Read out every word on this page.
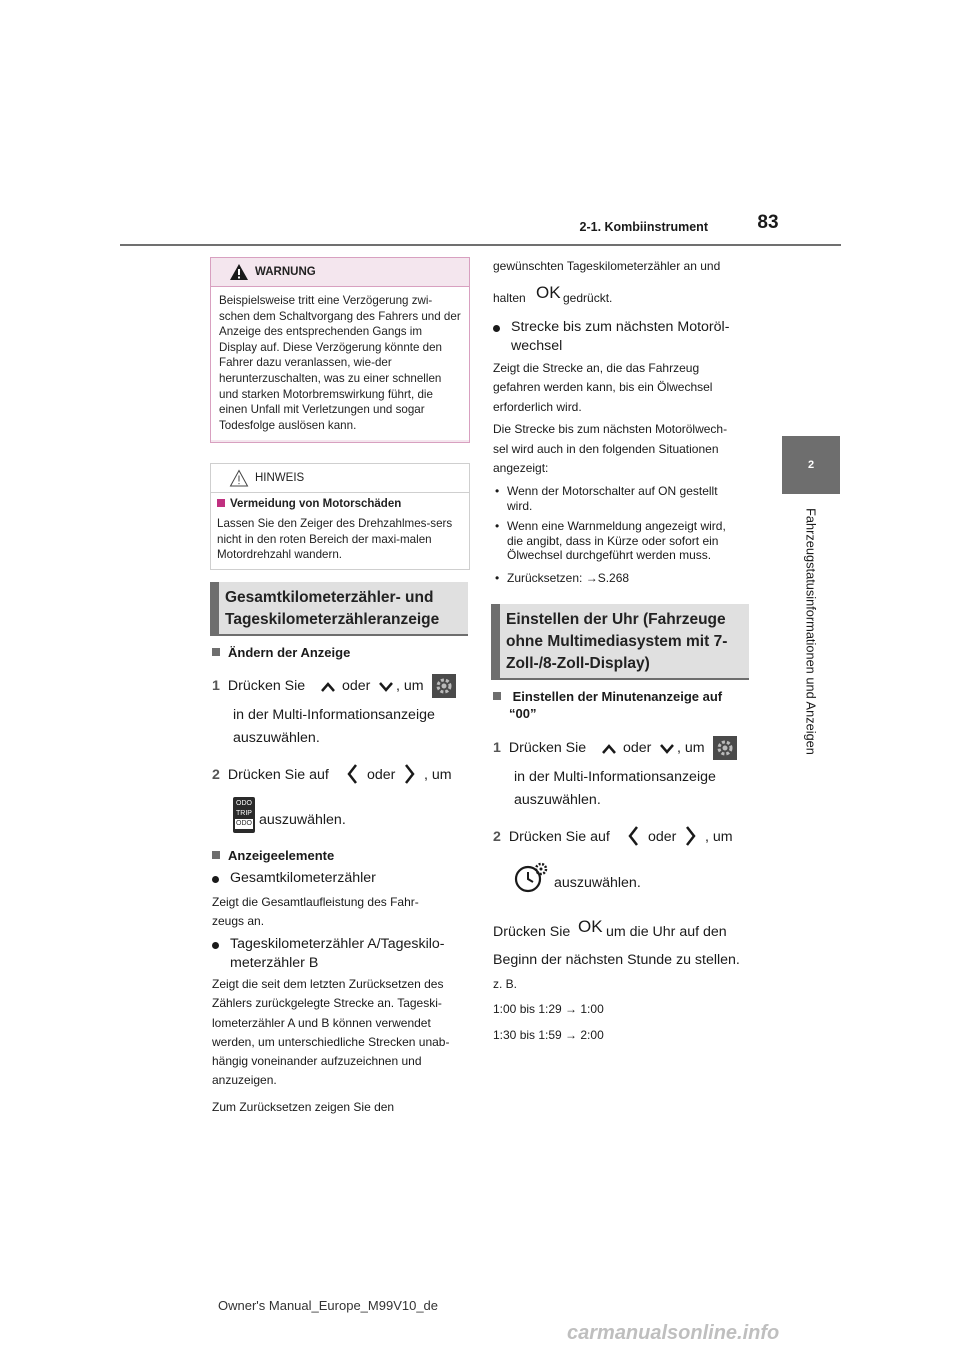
2-1. Kombiinstrument	83
2
Fahrzeugstatusinformationen und Anzeigen
WARNUNG
Beispielsweise tritt eine Verzögerung zwi-schen dem Schaltvorgang des Fahrers und der Anzeige des entsprechenden Gangs im Display auf. Diese Verzögerung könnte den Fahrer dazu veranlassen, wie-der herunterzuschalten, was zu einer schnellen und starken Motorbremswirkung führt, die einen Unfall mit Verletzungen und sogar Todesfolge auslösen kann.
HINWEIS
Vermeidung von Motorschäden
Lassen Sie den Zeiger des Drehzahlmes-sers nicht in den roten Bereich der maxi-malen Motordrehzahl wandern.
Gesamtkilometerzähler- und Tageskilometerzähleranzeige
Ändern der Anzeige
1 Drücken Sie	oder , um
in der Multi-Informationsanzeige
auszuwählen.
2 Drücken Sie auf	oder , um
ODO
TRIP
ODO auszuwählen.
Anzeigeelemente
Gesamtkilometerzähler
Zeigt die Gesamtlaufleistung des Fahr-
zeugs an.
Tageskilometerzähler A/Tageskilo-
meterzähler B
Zeigt die seit dem letzten Zurücksetzen des
Zählers zurückgelegte Strecke an. Tageski-
lometerzähler A und B können verwendet
werden, um unterschiedliche Strecken unab-
hängig voneinander aufzuzeichnen und
anzuzeigen.
Zum Zurücksetzen zeigen Sie den
gewünschten Tageskilometerzähler an und
halten OK gedrückt.
Strecke bis zum nächsten Motoröl-
wechsel
Zeigt die Strecke an, die das Fahrzeug
gefahren werden kann, bis ein Ölwechsel
erforderlich wird.
Die Strecke bis zum nächsten Motorölwech-
sel wird auch in den folgenden Situationen
angezeigt:
• Wenn der Motorschalter auf ON gestellt wird.
• Wenn eine Warnmeldung angezeigt wird, die angibt, dass in Kürze oder sofort ein Ölwechsel durchgeführt werden muss.
• Zurücksetzen: →S.268
Einstellen der Uhr (Fahrzeuge ohne Multimediasystem mit 7-Zoll-/8-Zoll-Display)
Einstellen der Minutenanzeige auf
“00”
1 Drücken Sie	oder , um
in der Multi-Informationsanzeige
auszuwählen.
2 Drücken Sie auf	oder , um
auszuwählen.
Drücken Sie OK um die Uhr auf den
Beginn der nächsten Stunde zu stellen.
z. B.
1:00 bis 1:29 → 1:00
1:30 bis 1:59 → 2:00
Owner's Manual_Europe_M99V10_de
carmanualsonline.info
